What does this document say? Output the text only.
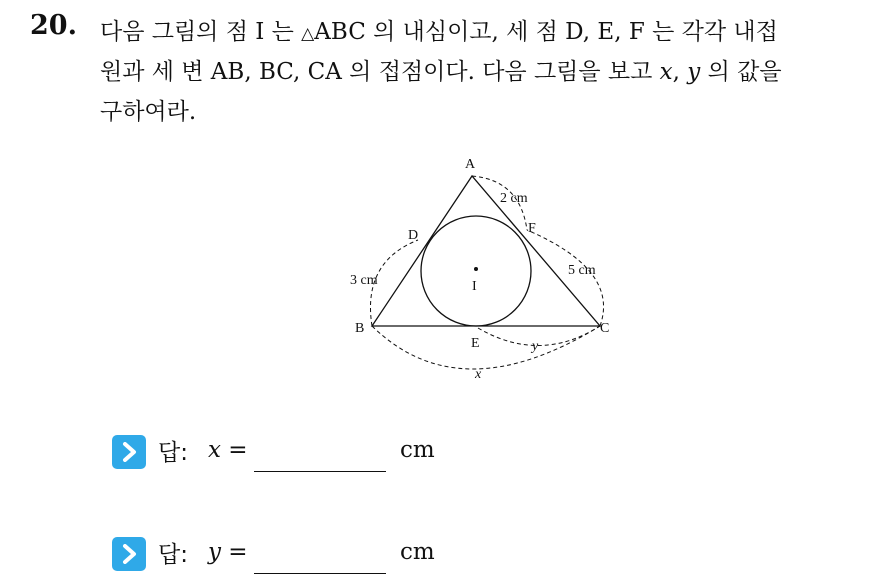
20. 다음 그림의 점 I 는 △ABC 의 내심이고, 세 점 D, E, F 는 각각 내접
원과 세 변 AB, BC, CA 의 접점이다. 다음 그림을 보고 x, y 의 값을
구하여라.
A
B	C
D
E
F
I
2 cm
3 cm
5 cm
y
x
답: x =	cm
답: y =	cm
